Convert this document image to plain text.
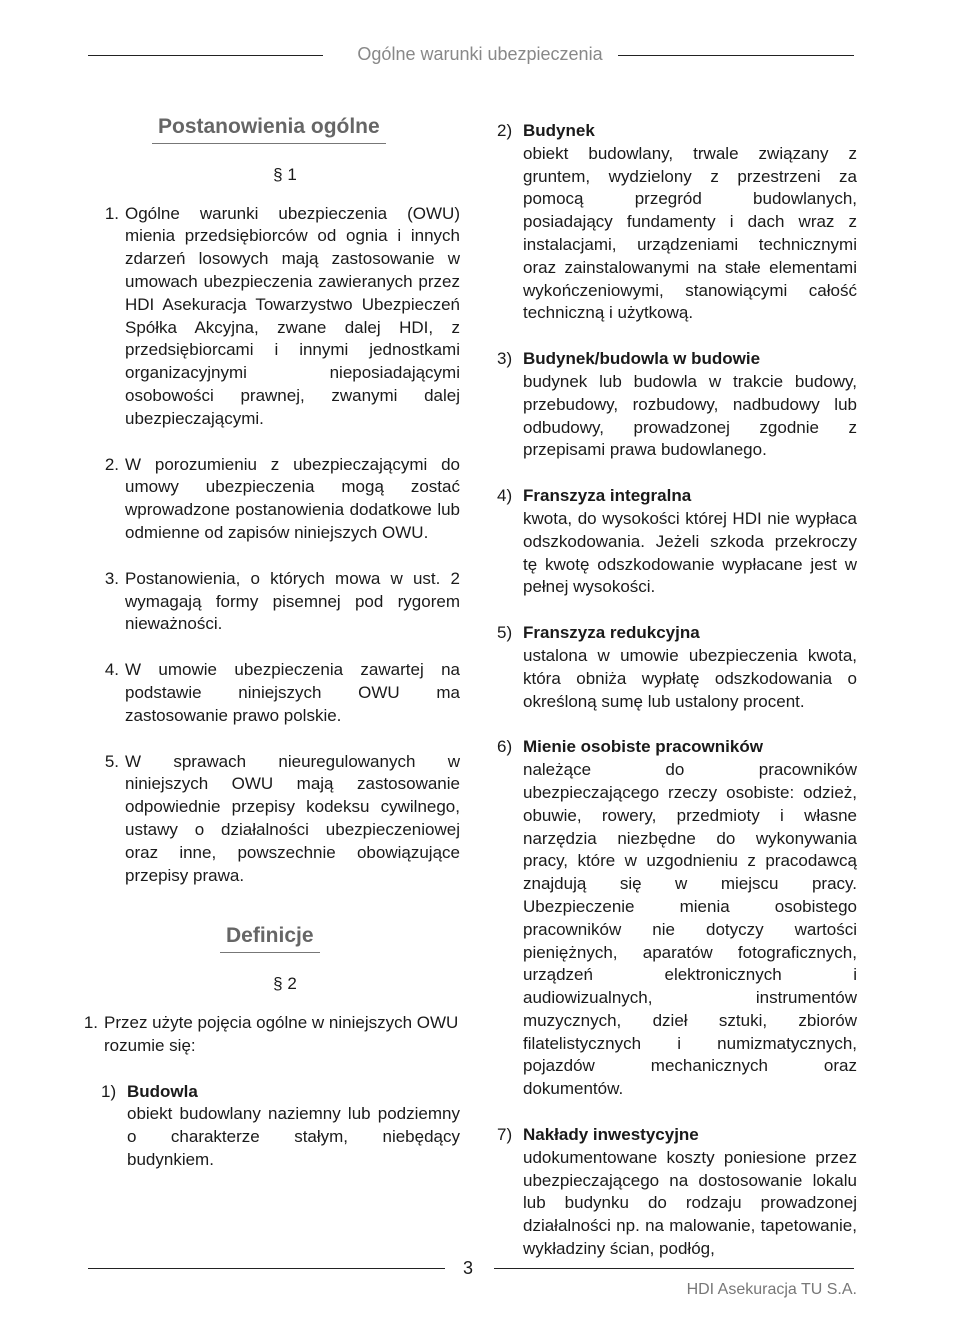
Ogólne warunki ubezpieczenia
Postanowienia ogólne
§ 1
1. Ogólne warunki ubezpieczenia (OWU) mienia przedsiębiorców od ognia i innych zdarzeń losowych mają zastosowanie w umowach ubezpieczenia zawieranych przez HDI Asekuracja Towarzystwo Ubezpieczeń Spółka Akcyjna, zwane dalej HDI, z przedsiębiorcami i innymi jednostkami organizacyjnymi nieposiadającymi osobowości prawnej, zwanymi dalej ubezpieczającymi.
2. W porozumieniu z ubezpieczającymi do umowy ubezpieczenia mogą zostać wprowadzone postanowienia dodatkowe lub odmienne od zapisów niniejszych OWU.
3. Postanowienia, o których mowa w ust. 2 wymagają formy pisemnej pod rygorem nieważności.
4. W umowie ubezpieczenia zawartej na podstawie niniejszych OWU ma zastosowanie prawo polskie.
5. W sprawach nieuregulowanych w niniejszych OWU mają zastosowanie odpowiednie przepisy kodeksu cywilnego, ustawy o działalności ubezpieczeniowej oraz inne, powszechnie obowiązujące przepisy prawa.
Definicje
§ 2
1. Przez użyte pojęcia ogólne w niniejszych OWU rozumie się:
1) Budowla
obiekt budowlany naziemny lub podziemny o charakterze stałym, niebędący budynkiem.
2) Budynek
obiekt budowlany, trwale związany z gruntem, wydzielony z przestrzeni za pomocą przegród budowlanych, posiadający fundamenty i dach wraz z instalacjami, urządzeniami technicznymi oraz zainstalowanymi na stałe elementami wykończeniowymi, stanowiącymi całość techniczną i użytkową.
3) Budynek/budowla w budowie
budynek lub budowla w trakcie budowy, przebudowy, rozbudowy, nadbudowy lub odbudowy, prowadzonej zgodnie z przepisami prawa budowlanego.
4) Franszyza integralna
kwota, do wysokości której HDI nie wypłaca odszkodowania. Jeżeli szkoda przekroczy tę kwotę odszkodowanie wypłacane jest w pełnej wysokości.
5) Franszyza redukcyjna
ustalona w umowie ubezpieczenia kwota, która obniża wypłatę odszkodowania o określoną sumę lub ustalony procent.
6) Mienie osobiste pracowników
należące do pracowników ubezpieczającego rzeczy osobiste: odzież, obuwie, rowery, przedmioty i własne narzędzia niezbędne do wykonywania pracy, które w uzgodnieniu z pracodawcą znajdują się w miejscu pracy. Ubezpieczenie mienia osobistego pracowników nie dotyczy wartości pieniężnych, aparatów fotograficznych, urządzeń elektronicznych i audiowizualnych, instrumentów muzycznych, dzieł sztuki, zbiorów filatelistycznych i numizmatycznych, pojazdów mechanicznych oraz dokumentów.
7) Nakłady inwestycyjne
udokumentowane koszty poniesione przez ubezpieczającego na dostosowanie lokalu lub budynku do rodzaju prowadzonej działalności np. na malowanie, tapetowanie, wykładziny ścian, podłóg,
3
HDI Asekuracja TU S.A.
